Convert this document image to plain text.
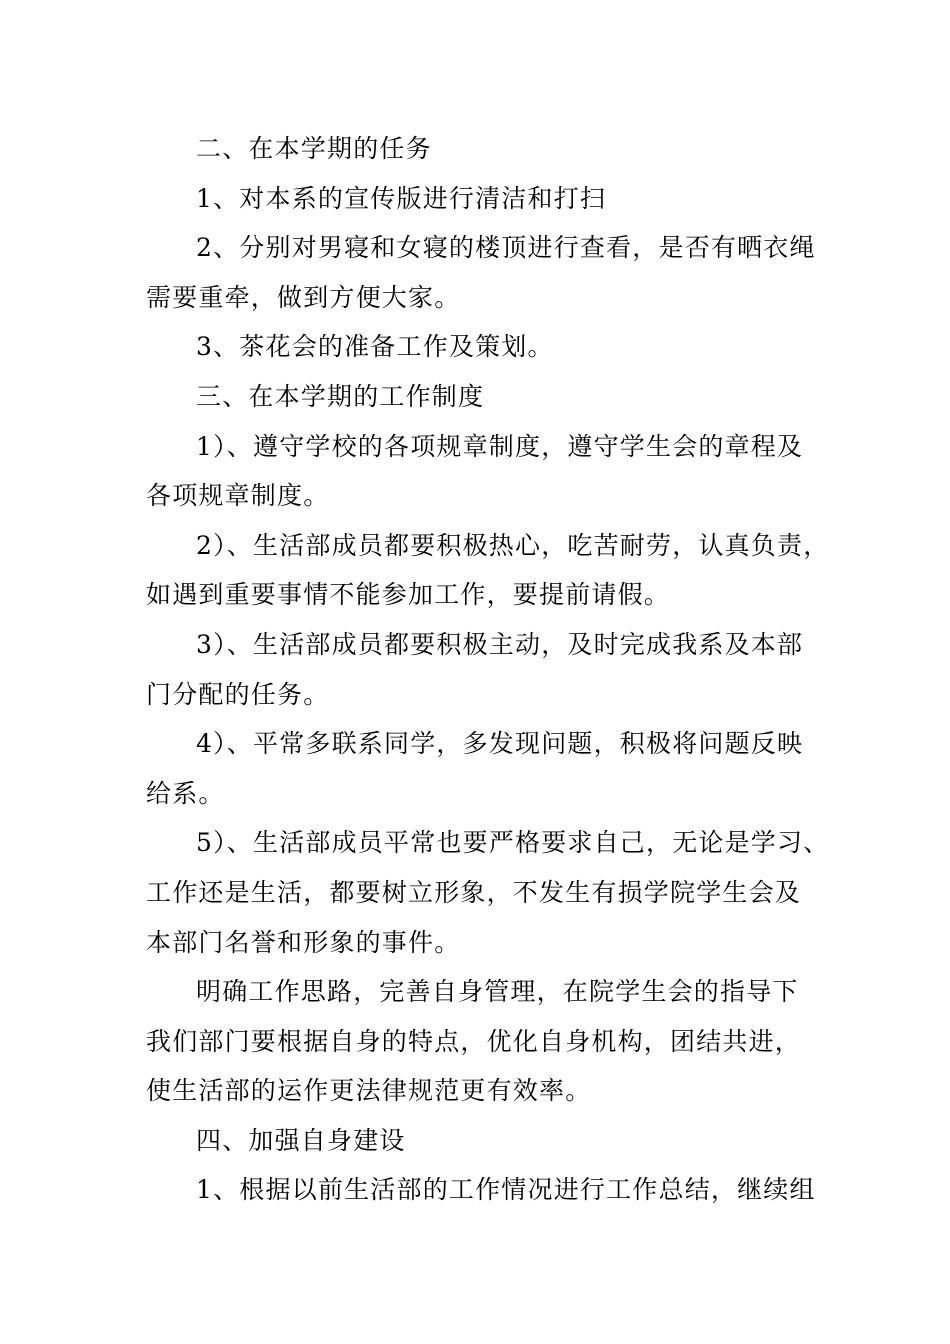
二、在本学期的任务
1、对本系的宣传版进行清洁和打扫
2、分别对男寝和女寝的楼顶进行查看，是否有晒衣绳
需要重牵，做到方便大家。
3、茶花会的准备工作及策划。
三、在本学期的工作制度
1）、遵守学校的各项规章制度，遵守学生会的章程及
各项规章制度。
2）、生活部成员都要积极热心，吃苦耐劳，认真负责，
如遇到重要事情不能参加工作，要提前请假。
3）、生活部成员都要积极主动，及时完成我系及本部
门分配的任务。
4）、平常多联系同学，多发现问题，积极将问题反映
给系。
5）、生活部成员平常也要严格要求自己，无论是学习、
工作还是生活，都要树立形象，不发生有损学院学生会及
本部门名誉和形象的事件。
明确工作思路，完善自身管理，在院学生会的指导下
我们部门要根据自身的特点，优化自身机构，团结共进，
使生活部的运作更法律规范更有效率。
四、加强自身建设
1、根据以前生活部的工作情况进行工作总结，继续组
